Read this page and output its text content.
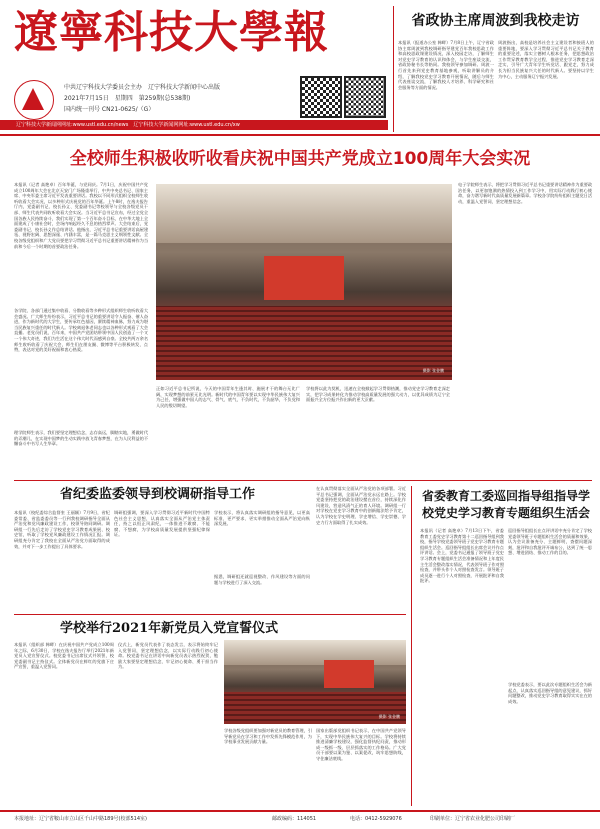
遼寧科技大學報
中共辽宁科技大学委员会主办　辽宁科技大学新闻中心出版
2021年7月15日　星期四　第259期(总538期)
国内统一刊号 CN21-0625/（G）
辽宁科技大学新闻网网址:www.ustl.edu.cn/news　辽宁科技大学新闻网网址:www.ustl.edu.cn/xw
省政协主席周波到我校走访
本报讯（报道办公室 韩畔）7月8日上午，辽宁省政协主席周波到我校调研指导建党百年我校思政工作和高校思政课建设情况，深入校园走访，了解师生对党史学习教育的认识和体会，与学生座谈交流，省政协秘书长等陪同。我校领导参加调研。周波一行首先来到党史教育基地参观，听取讲解员的介绍，了解我校党史学习教育开展情况，随后与师生代表座谈交流，了解我校人才培养、科学研究和社会服务等方面的情况。
周波指出，高校是培养社会主义建设者和接班人的重要阵地，要深入学习贯彻习近平总书记关于教育的重要论述，落实立德树人根本任务，把思想政治工作贯穿教育教学全过程，推进党史学习教育走深走实，引导广大青年学生听党话、跟党走，努力成长为担当民族复兴大任的时代新人。要坚持以学生为中心，主动服务辽宁振兴发展。
全校师生积极收听收看庆祝中国共产党成立100周年大会实况
本报讯（记者 高艳卓）百年华诞，与党同庆。7月1日，庆祝中国共产党成立100周年大会在北京天安门广场隆重举行，中共中央总书记、国家主席、中央军委主席习近平发表重要讲话。我校以不同形式组织全校师生收听收看大会实况，以多种形式庆祝党的百年华诞。上午8时，在逸夫报告厅内，党委副书记、校长孙义、党委副书记等校领导与全校各级党员干部、师生代表共同收听收看大会实况。当习近平总书记宣布，经过全党全国各族人民持续奋斗，我们实现了第一个百年奋斗目标，在中华大地上全面建成了小康社会时，会场内响起经久不息的热烈掌声。大会结束后，党委副书记、校长孙义作总结讲话。他指出，习近平总书记重要讲话高屋建瓴、视野宏阔、思想深邃、内涵丰富，是一篇马克思主义纲领性文献。全校各级党组织和广大党员要把学习贯彻习近平总书记重要讲话精神作为当前和今后一个时期的首要政治任务。
各学院、各部门通过集中收看、分散收看等多种形式组织师生收听收看大会盛况。广大师生纷纷表示，习近平总书记的重要讲话令人振奋、催人奋进，作为新时代的大学生，要传承红色基因，赓续精神血脉，努力成为堪当民族复兴重任的时代新人。学校离退休老同志也以各种形式观看了大会直播。老党员们说，百年来，中国共产党团结带领中国人民创造了一个又一个伟大奇迹，我们为生活在这个伟大时代而感到自豪。全校共两万余名师生收听收看了庆祝大会，师生们在朋友圈、微博等平台积极转发、点赞，表达对党的美好祝福和衷心热爱。
理学院师生表示，我们要坚定理想信念，志存高远，脚踏实地，勇做时代的弄潮儿，在实现中国梦的生动实践中放飞青春梦想，在为人民利益的不懈奋斗中书写人生华章。
摄影 张金鹏
正如习近平总书记所说，今天的中国青年生逢其时、施展才干的舞台无比广阔，实现梦想的前景无比光明。新时代的中国青年要以实现中华民族伟大复兴为己任，增强做中国人的志气、骨气、底气，不负时代，不负韶华，不负党和人民的殷切期望。
学校将以此为契机，迅速在全校掀起学习贯彻热潮，推动党史学习教育走深走实，把学习成果转化为推动学校高质量发展的强大动力，以优异成绩为辽宁全面振兴全方位振兴作出新的更大贡献。
电子学院师生表示，将把学习贯彻习近平总书记重要讲话精神作为重要政治任务，以更加饱满的热情投入到工作学习中，用实际行动践行初心使命，奋力谱写新时代高质量发展新篇章。学校各学院纷纷组织主题党日活动，重温入党誓词，坚定理想信念。
省纪委监委领导到校调研指导工作
本报讯（校纪委综合监督室 王丽颖）7月9日，省纪委常委、省监委委员等一行到我校调研指导全面从严治党和党风廉政建设工作，校领导陪同调研。调研组一行先后走访了学校党史学习教育成果展、校史馆，听取了学校党风廉政建设工作情况汇报。调研组充分肯定了我校在全面从严治党方面取得的成效，并对下一步工作提出了具体要求。
调研组强调，要深入学习贯彻习近平新时代中国特色社会主义思想，认真落实全面从严治党主体责任，持之以恒正风肃纪，一体推进不敢腐、不能腐、不想腐，为学校高质量发展提供坚强纪律保证。
学校表示，将认真落实调研组的指导意见，以更高标准、更严要求、更实举措推动全面从严治党向纵深发展。
据悉，调研组还就巡视整改、作风建设等方面的问题与学校进行了深入交流。
在认真贯彻落实全面从严治党的各项部署。习近平总书记强调，全面从严治党永远在路上。学校党委坚持把党的政治建设摆在首位，持续深化作风建设，营造风清气正的育人环境。调研组一行对学校在党史学习教育中的创新做法给予肯定，认为学校在学史明理、学史增信、学史崇德、学史力行方面取得了扎实成效。
省委教育工委巡回指导组指导学校党史学习教育专题组织生活会
本报讯（记者 高艳卓）7月13日下午，省委教育工委党史学习教育第十二巡回指导组到我校，指导学校党委领导班子党史学习教育专题组织生活会。巡回指导组组长出席会议并作点评讲话。会上，党委书记通报了领导班子党史学习教育专题组织生活会准备情况和上年度民主生活会整改落实情况，代表领导班子作对照检查，并带头作个人对照检查发言。领导班子成员逐一进行个人对照检查，开展批评和自我批评。
巡回指导组组长在点评讲话中充分肯定了学校党委领导班子专题组织生活会的质量和效果，认为会议准备充分、主题鲜明，查摆问题深刻，批评和自我批评开诚布公，达到了统一思想、增进团结、推动工作的目的。
学校党委表示，要以此次专题组织生活会为新起点，认真落实巡回指导组的意见建议，抓好问题整改，推动党史学习教育取得实实在在的成效。
学校举行2021年新党员入党宣誓仪式
摄影 张金鹏
本报讯（组织部 韩畔）在庆祝中国共产党成立100周年之际，6月30日，学校在逸夫报告厅举行2021年新党员入党宣誓仪式。校党委书记出席仪式并领誓，校党委副书记主持仪式。全体新党员在鲜红的党旗下庄严宣誓，重温入党誓词。
仪式上，新党员代表作了表态发言，表示将始终牢记入党誓词，坚定理想信念，以实际行动践行初心使命。校党委书记在讲话中向新党员表示热烈祝贺，勉励大家要坚定理想信念、牢记初心使命、勇于担当作为。
学校各级党组织要加强对新党员的教育管理，引导新党员在学习和工作中发挥先锋模范作用，为学校事业发展贡献力量。
国家出版部党组织书记表示，在中国共产党领导下，实现中华民族伟大复兴的目标。学校将持续推进清廉学校建设，强化监督执纪问责，推动形成一级抓一级、层层抓落实的工作格局。广大党员干部要以案为鉴、以案促改，筑牢思想防线，守住廉洁底线。
本报地址：辽宁省鞍山市立山区千山中路189号(校部514室)	邮政编码：114051	电话：0412-5929076	印刷单位：辽宁省农业化肥公司印刷厂
